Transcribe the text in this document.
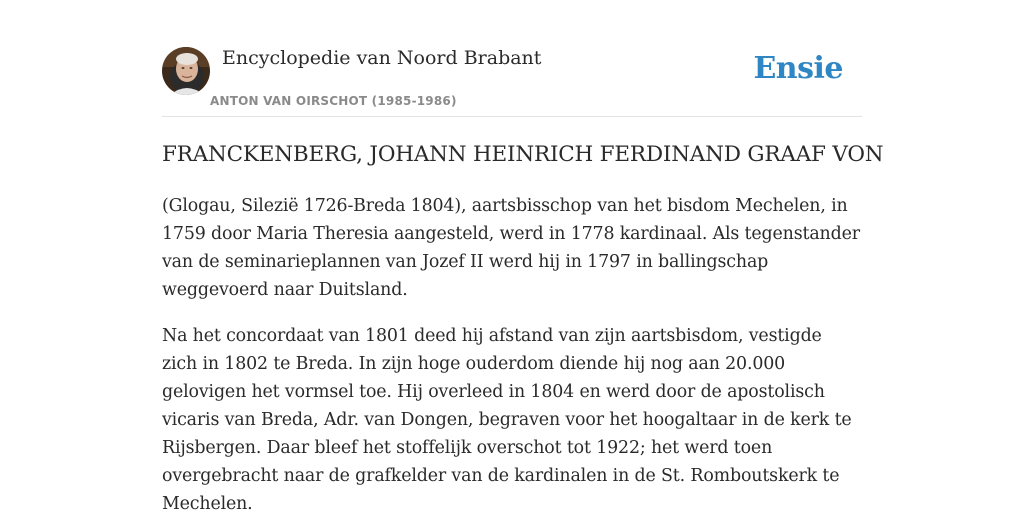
Encyclopedie van Noord Brabant
ANTON VAN OIRSCHOT (1985-1986)
Ensie
FRANCKENBERG, JOHANN HEINRICH FERDINAND GRAAF VON

(Glogau, Silezië 1726-Breda 1804), aartsbisschop van het bisdom Mechelen, in 1759 door Maria Theresia aangesteld, werd in 1778 kardinaal. Als tegenstander van de seminarieplannen van Jozef II werd hij in 1797 in ballingschap weggevoerd naar Duitsland.

Na het concordaat van 1801 deed hij afstand van zijn aartsbisdom, vestigde zich in 1802 te Breda. In zijn hoge ouderdom diende hij nog aan 20.000 gelovigen het vormsel toe. Hij overleed in 1804 en werd door de apostolisch vicaris van Breda, Adr. van Dongen, begraven voor het hoogaltaar in de kerk te Rijsbergen. Daar bleef het stoffelijk overschot tot 1922; het werd toen overgebracht naar de grafkelder van de kardinalen in de St. Romboutskerk te Mechelen.
